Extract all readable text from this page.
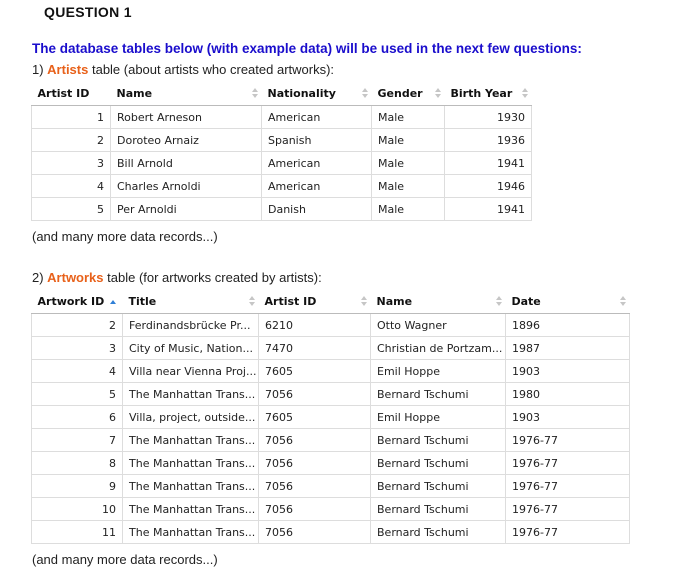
QUESTION 1
The database tables below (with example data) will be used in the next few questions:
1) Artists table (about artists who created artworks):
Artist ID	Name	Nationality	Gender	Birth Year

1	Robert Arneson	American	Male	1930
2	Doroteo Arnaiz	Spanish	Male	1936
3	Bill Arnold	American	Male	1941
4	Charles Arnoldi	American	Male	1946
5	Per Arnoldi	Danish	Male	1941
(and many more data records...)
2) Artworks table (for artworks created by artists):
Artwork ID	Title	Artist ID	Name	Date

2	Ferdinandsbrücke Pr...	6210	Otto Wagner	1896
3	City of Music, Nation...	7470	Christian de Portzam...	1987
4	Villa near Vienna Proj...	7605	Emil Hoppe	1903
5	The Manhattan Trans...	7056	Bernard Tschumi	1980
6	Villa, project, outside...	7605	Emil Hoppe	1903
7	The Manhattan Trans...	7056	Bernard Tschumi	1976-77
8	The Manhattan Trans...	7056	Bernard Tschumi	1976-77
9	The Manhattan Trans...	7056	Bernard Tschumi	1976-77
10	The Manhattan Trans...	7056	Bernard Tschumi	1976-77
11	The Manhattan Trans...	7056	Bernard Tschumi	1976-77
(and many more data records...)
